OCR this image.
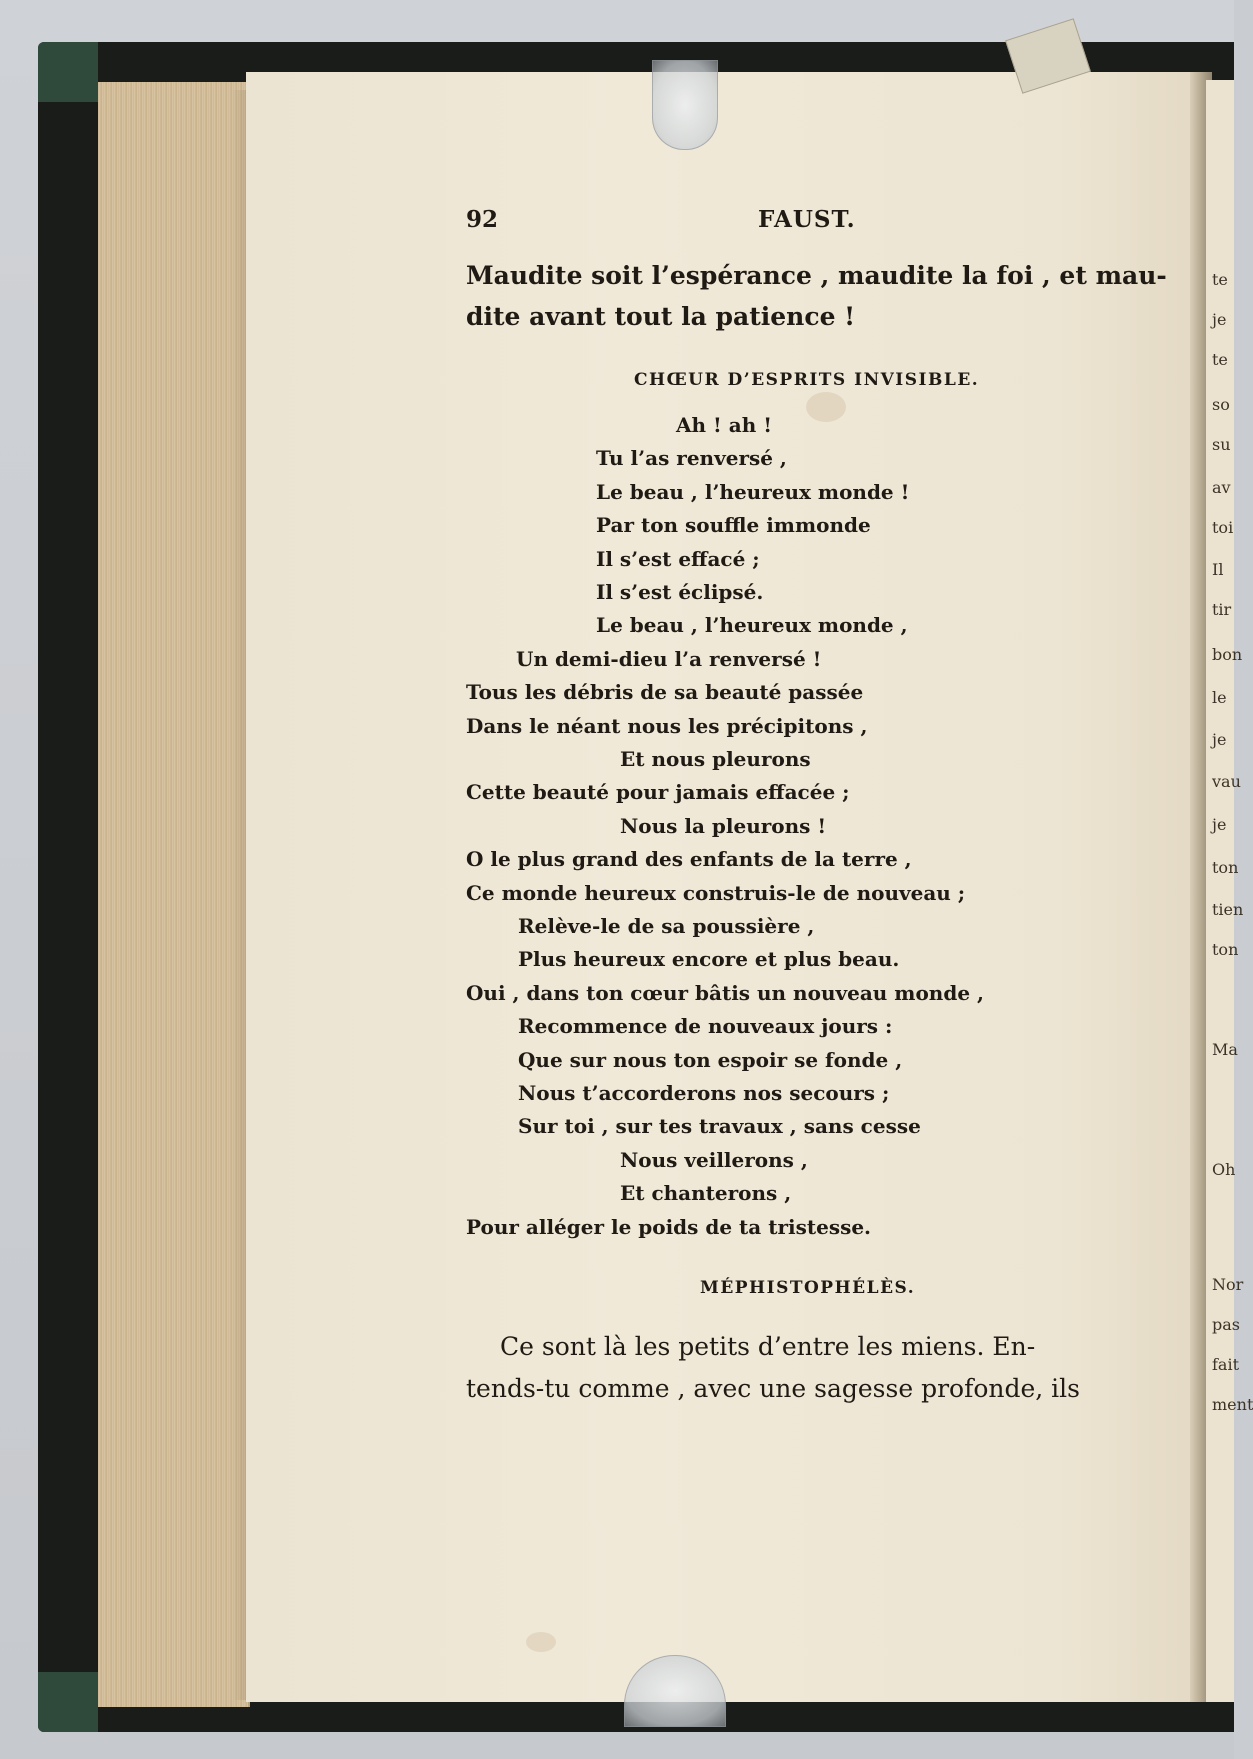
te
je
te
so
su
av
toi
Il
tir
bon
le
je
vau
je
ton
tien
ton
Ma
Oh
Nor
pas
fait
ment
92	FAUST.
Maudite soit l’espérance , maudite la foi , et mau-
dite avant tout la patience !
CHŒUR D’ESPRITS INVISIBLE.
Ah ! ah !
Tu l’as renversé ,
Le beau , l’heureux monde !
Par ton souffle immonde
Il s’est effacé ;
Il s’est éclipsé.
Le beau , l’heureux monde ,
Un demi-dieu l’a renversé !
Tous les débris de sa beauté passée
Dans le néant nous les précipitons ,
Et nous pleurons
Cette beauté pour jamais effacée ;
Nous la pleurons !
O le plus grand des enfants de la terre ,
Ce monde heureux construis-le de nouveau ;
Relève-le de sa poussière ,
Plus heureux encore et plus beau.
Oui , dans ton cœur bâtis un nouveau monde ,
Recommence de nouveaux jours :
Que sur nous ton espoir se fonde ,
Nous t’accorderons nos secours ;
Sur toi , sur tes travaux , sans cesse
Nous veillerons ,
Et chanterons ,
Pour alléger le poids de ta tristesse.
MÉPHISTOPHÉLÈS.
Ce sont là les petits d’entre les miens. En-
tends-tu comme , avec une sagesse profonde, ils
